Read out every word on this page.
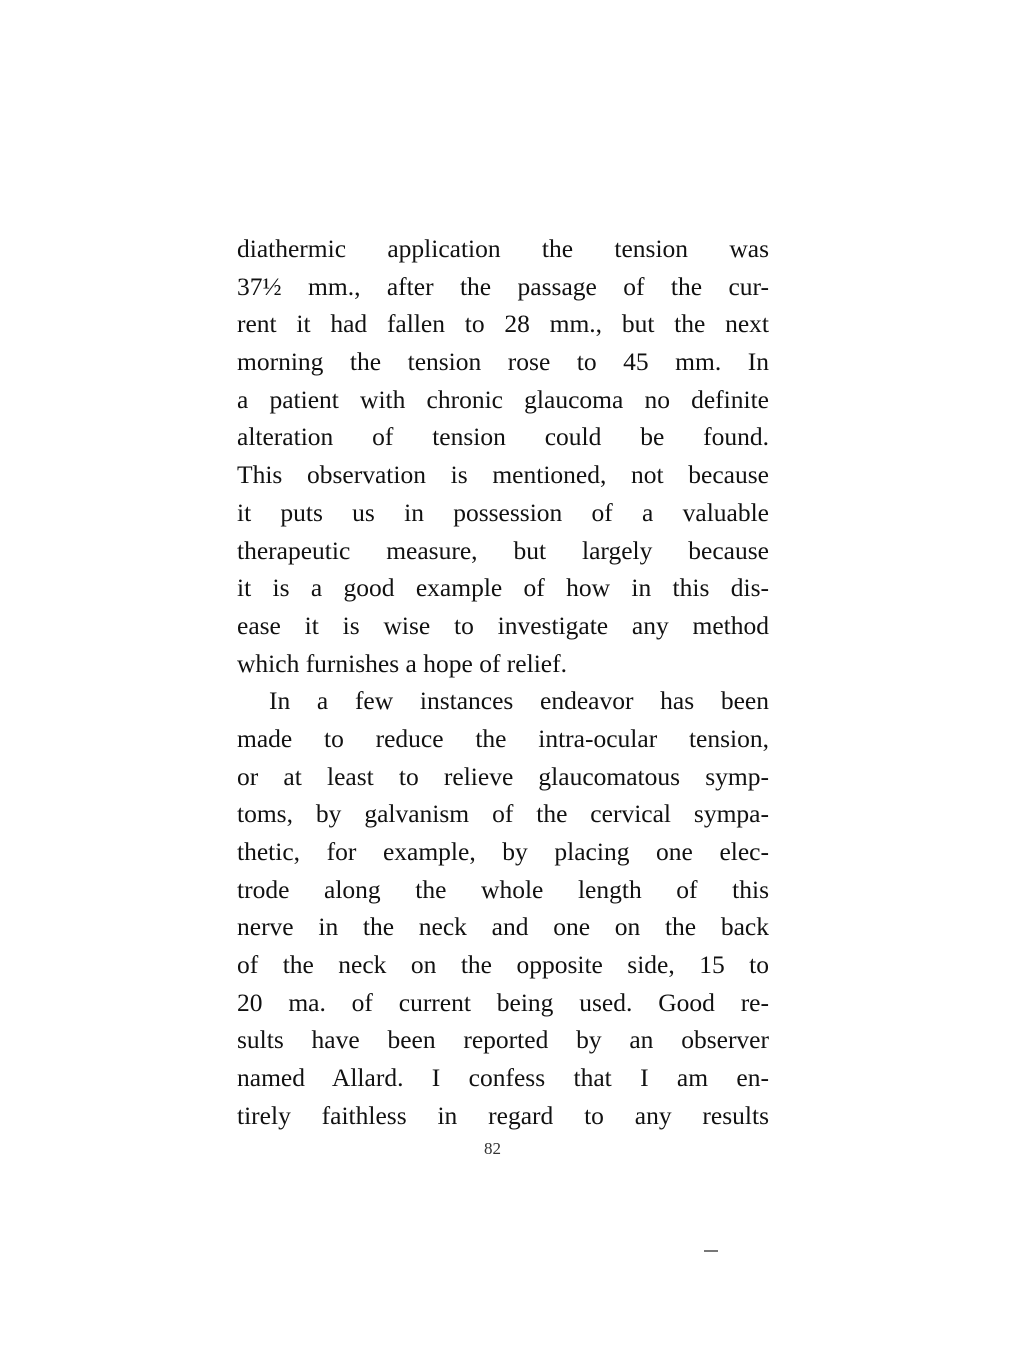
diathermic application the tension was
37½ mm., after the passage of the cur-
rent it had fallen to 28 mm., but the next
morning the tension rose to 45 mm. In
a patient with chronic glaucoma no definite
alteration of tension could be found.
This observation is mentioned, not because
it puts us in possession of a valuable
therapeutic measure, but largely because
it is a good example of how in this dis-
ease it is wise to investigate any method
which furnishes a hope of relief.
In a few instances endeavor has been
made to reduce the intra-ocular tension,
or at least to relieve glaucomatous symp-
toms, by galvanism of the cervical sympa-
thetic, for example, by placing one elec-
trode along the whole length of this
nerve in the neck and one on the back
of the neck on the opposite side, 15 to
20 ma. of current being used. Good re-
sults have been reported by an observer
named Allard. I confess that I am en-
tirely faithless in regard to any results
82
